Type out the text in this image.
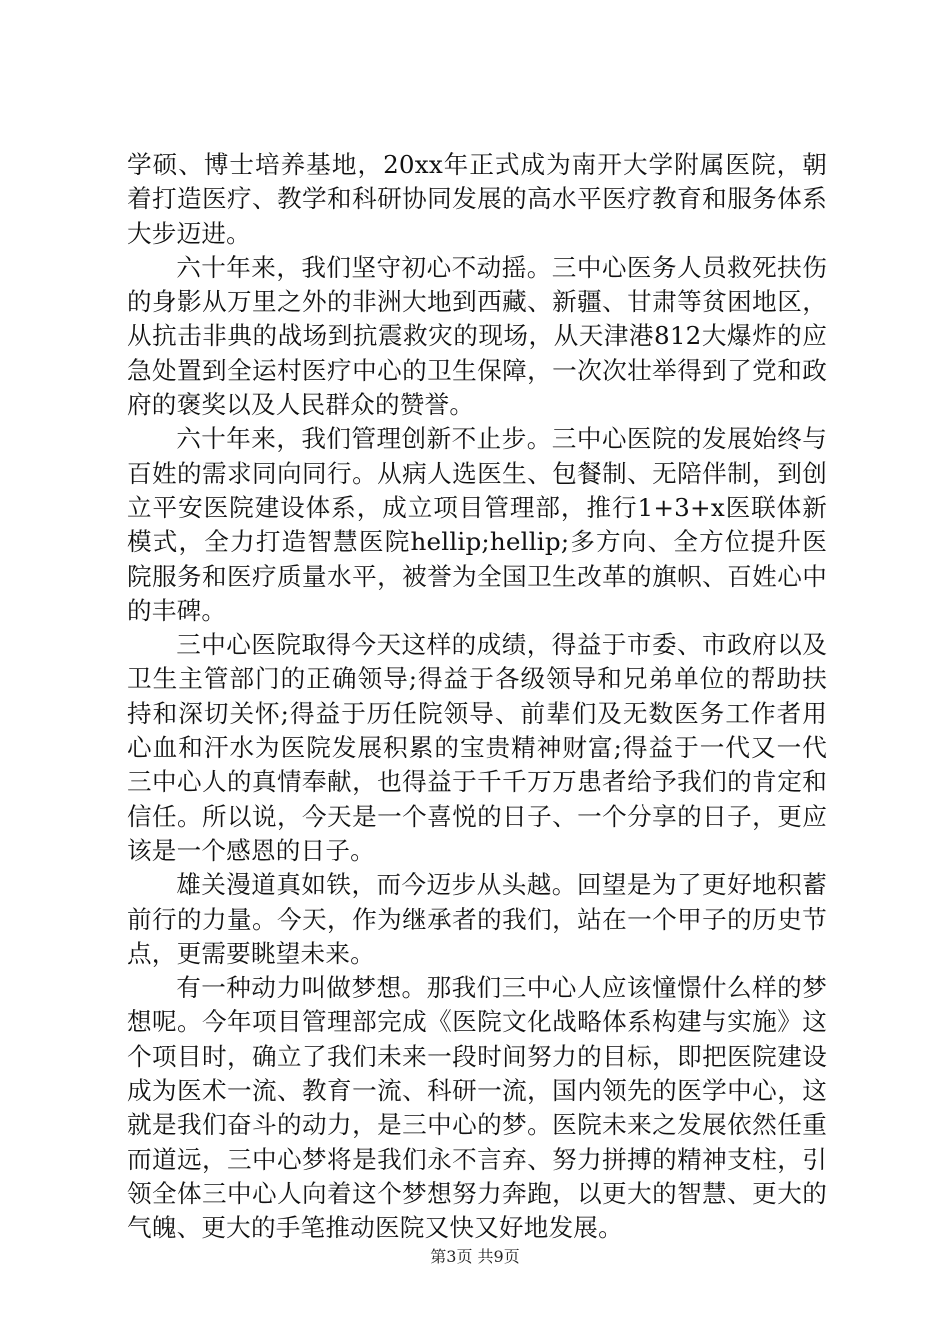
学硕、博士培养基地，20xx年正式成为南开大学附属医院，朝着打造医疗、教学和科研协同发展的高水平医疗教育和服务体系大步迈进。

六十年来，我们坚守初心不动摇。三中心医务人员救死扶伤的身影从万里之外的非洲大地到西藏、新疆、甘肃等贫困地区，从抗击非典的战场到抗震救灾的现场，从天津港812大爆炸的应急处置到全运村医疗中心的卫生保障，一次次壮举得到了党和政府的褒奖以及人民群众的赞誉。

六十年来，我们管理创新不止步。三中心医院的发展始终与百姓的需求同向同行。从病人选医生、包餐制、无陪伴制，到创立平安医院建设体系，成立项目管理部，推行1+3+x医联体新模式，全力打造智慧医院hellip;hellip;多方向、全方位提升医院服务和医疗质量水平，被誉为全国卫生改革的旗帜、百姓心中的丰碑。

三中心医院取得今天这样的成绩，得益于市委、市政府以及卫生主管部门的正确领导;得益于各级领导和兄弟单位的帮助扶持和深切关怀;得益于历任院领导、前辈们及无数医务工作者用心血和汗水为医院发展积累的宝贵精神财富;得益于一代又一代三中心人的真情奉献，也得益于千千万万患者给予我们的肯定和信任。所以说，今天是一个喜悦的日子、一个分享的日子，更应该是一个感恩的日子。

雄关漫道真如铁，而今迈步从头越。回望是为了更好地积蓄前行的力量。今天，作为继承者的我们，站在一个甲子的历史节点，更需要眺望未来。

有一种动力叫做梦想。那我们三中心人应该憧憬什么样的梦想呢。今年项目管理部完成《医院文化战略体系构建与实施》这个项目时，确立了我们未来一段时间努力的目标，即把医院建设成为医术一流、教育一流、科研一流，国内领先的医学中心，这就是我们奋斗的动力，是三中心的梦。医院未来之发展依然任重而道远，三中心梦将是我们永不言弃、努力拼搏的精神支柱，引领全体三中心人向着这个梦想努力奔跑，以更大的智慧、更大的气魄、更大的手笔推动医院又快又好地发展。

第3页 共9页
